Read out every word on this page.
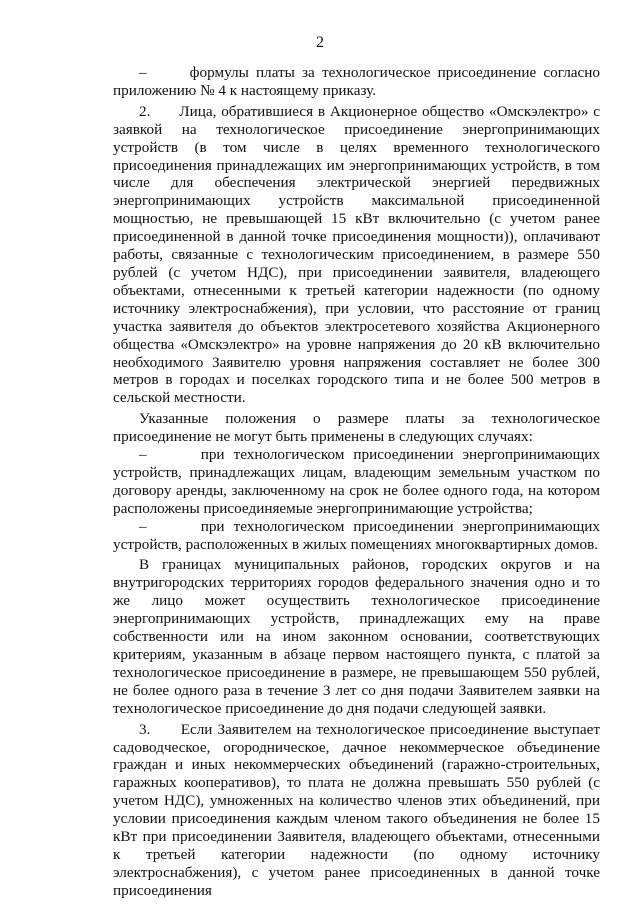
2

–      формулы платы за технологическое присоединение согласно приложению № 4 к настоящему приказу.

2.      Лица, обратившиеся в Акционерное общество «Омскэлектро» с заявкой на технологическое присоединение энергопринимающих устройств (в том числе в целях временного технологического присоединения принадлежащих им энергопринимающих устройств, в том числе для обеспечения электрической энергией передвижных энергопринимающих устройств максимальной присоединенной мощностью, не превышающей 15 кВт включительно (с учетом ранее присоединенной в данной точке присоединения мощности)), оплачивают работы, связанные с технологическим присоединением, в размере 550 рублей (с учетом НДС), при присоединении заявителя, владеющего объектами, отнесенными к третьей категории надежности (по одному источнику электроснабжения), при условии, что расстояние от границ участка заявителя до объектов электросетевого хозяйства Акционерного общества «Омскэлектро» на уровне напряжения до 20 кВ включительно необходимого Заявителю уровня напряжения составляет не более 300 метров в городах и поселках городского типа и не более 500 метров в сельской местности.

Указанные положения о размере платы за технологическое присоединение не могут быть применены в следующих случаях:

–      при технологическом присоединении энергопринимающих устройств, принадлежащих лицам, владеющим земельным участком по договору аренды, заключенному на срок не более одного года, на котором расположены присоединяемые энергопринимающие устройства;

–      при технологическом присоединении энергопринимающих устройств, расположенных в жилых помещениях многоквартирных домов.

В границах муниципальных районов, городских округов и на внутригородских территориях городов федерального значения одно и то же лицо может осуществить технологическое присоединение энергопринимающих устройств, принадлежащих ему на праве собственности или на ином законном основании, соответствующих критериям, указанным в абзаце первом настоящего пункта, с платой за технологическое присоединение в размере, не превышающем 550 рублей, не более одного раза в течение 3 лет со дня подачи Заявителем заявки на технологическое присоединение до дня подачи следующей заявки.

3.      Если Заявителем на технологическое присоединение выступает садоводческое, огородническое, дачное некоммерческое объединение граждан и иных некоммерческих объединений (гаражно-строительных, гаражных кооперативов), то плата не должна превышать 550 рублей (с учетом НДС), умноженных на количество членов этих объединений, при условии присоединения каждым членом такого объединения не более 15 кВт при присоединении Заявителя, владеющего объектами, отнесенными к третьей категории надежности (по одному источнику электроснабжения), с учетом ранее присоединенных в данной точке присоединения
